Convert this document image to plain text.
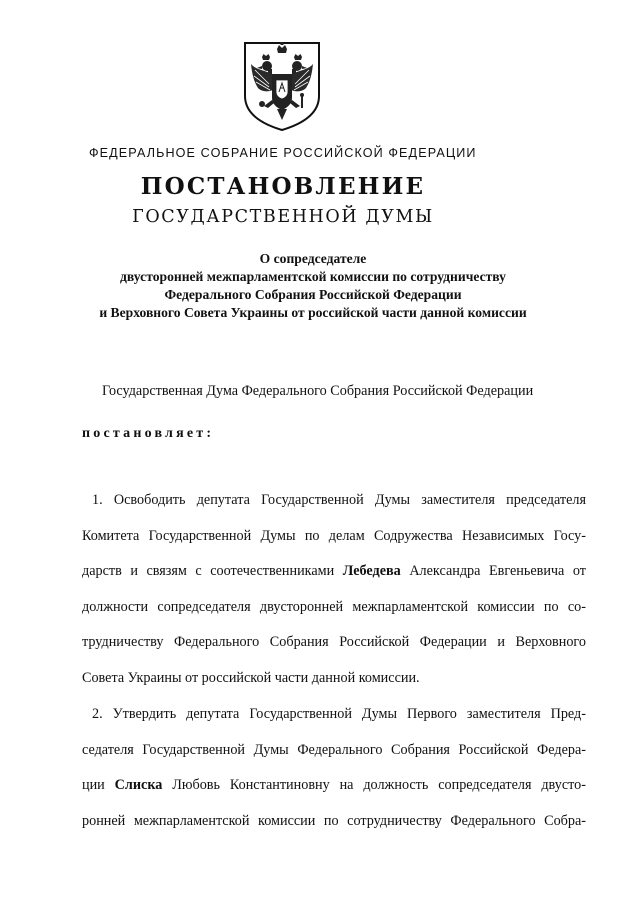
ФЕДЕРАЛЬНОЕ СОБРАНИЕ РОССИЙСКОЙ ФЕДЕРАЦИИ
ПОСТАНОВЛЕНИЕ
ГОСУДАРСТВЕННОЙ ДУМЫ
О сопредседателе
двусторонней межпарламентской комиссии по сотрудничеству
Федерального Собрания Российской Федерации
и Верховного Совета Украины от российской части данной комиссии
Государственная Дума Федерального Собрания Российской Федерации
постановляет:
1. Освободить депутата Государственной Думы заместителя председателя
Комитета Государственной Думы по делам Содружества Независимых Госу-
дарств и связям с соотечественниками Лебедева Александра Евгеньевича от
должности сопредседателя двусторонней межпарламентской комиссии по со-
трудничеству Федерального Собрания Российской Федерации и Верховного
Совета Украины от российской части данной комиссии.
2. Утвердить депутата Государственной Думы Первого заместителя Пред-
седателя Государственной Думы Федерального Собрания Российской Федера-
ции Слиска Любовь Константиновну на должность сопредседателя двусто-
ронней межпарламентской комиссии по сотрудничеству Федерального Собра-
